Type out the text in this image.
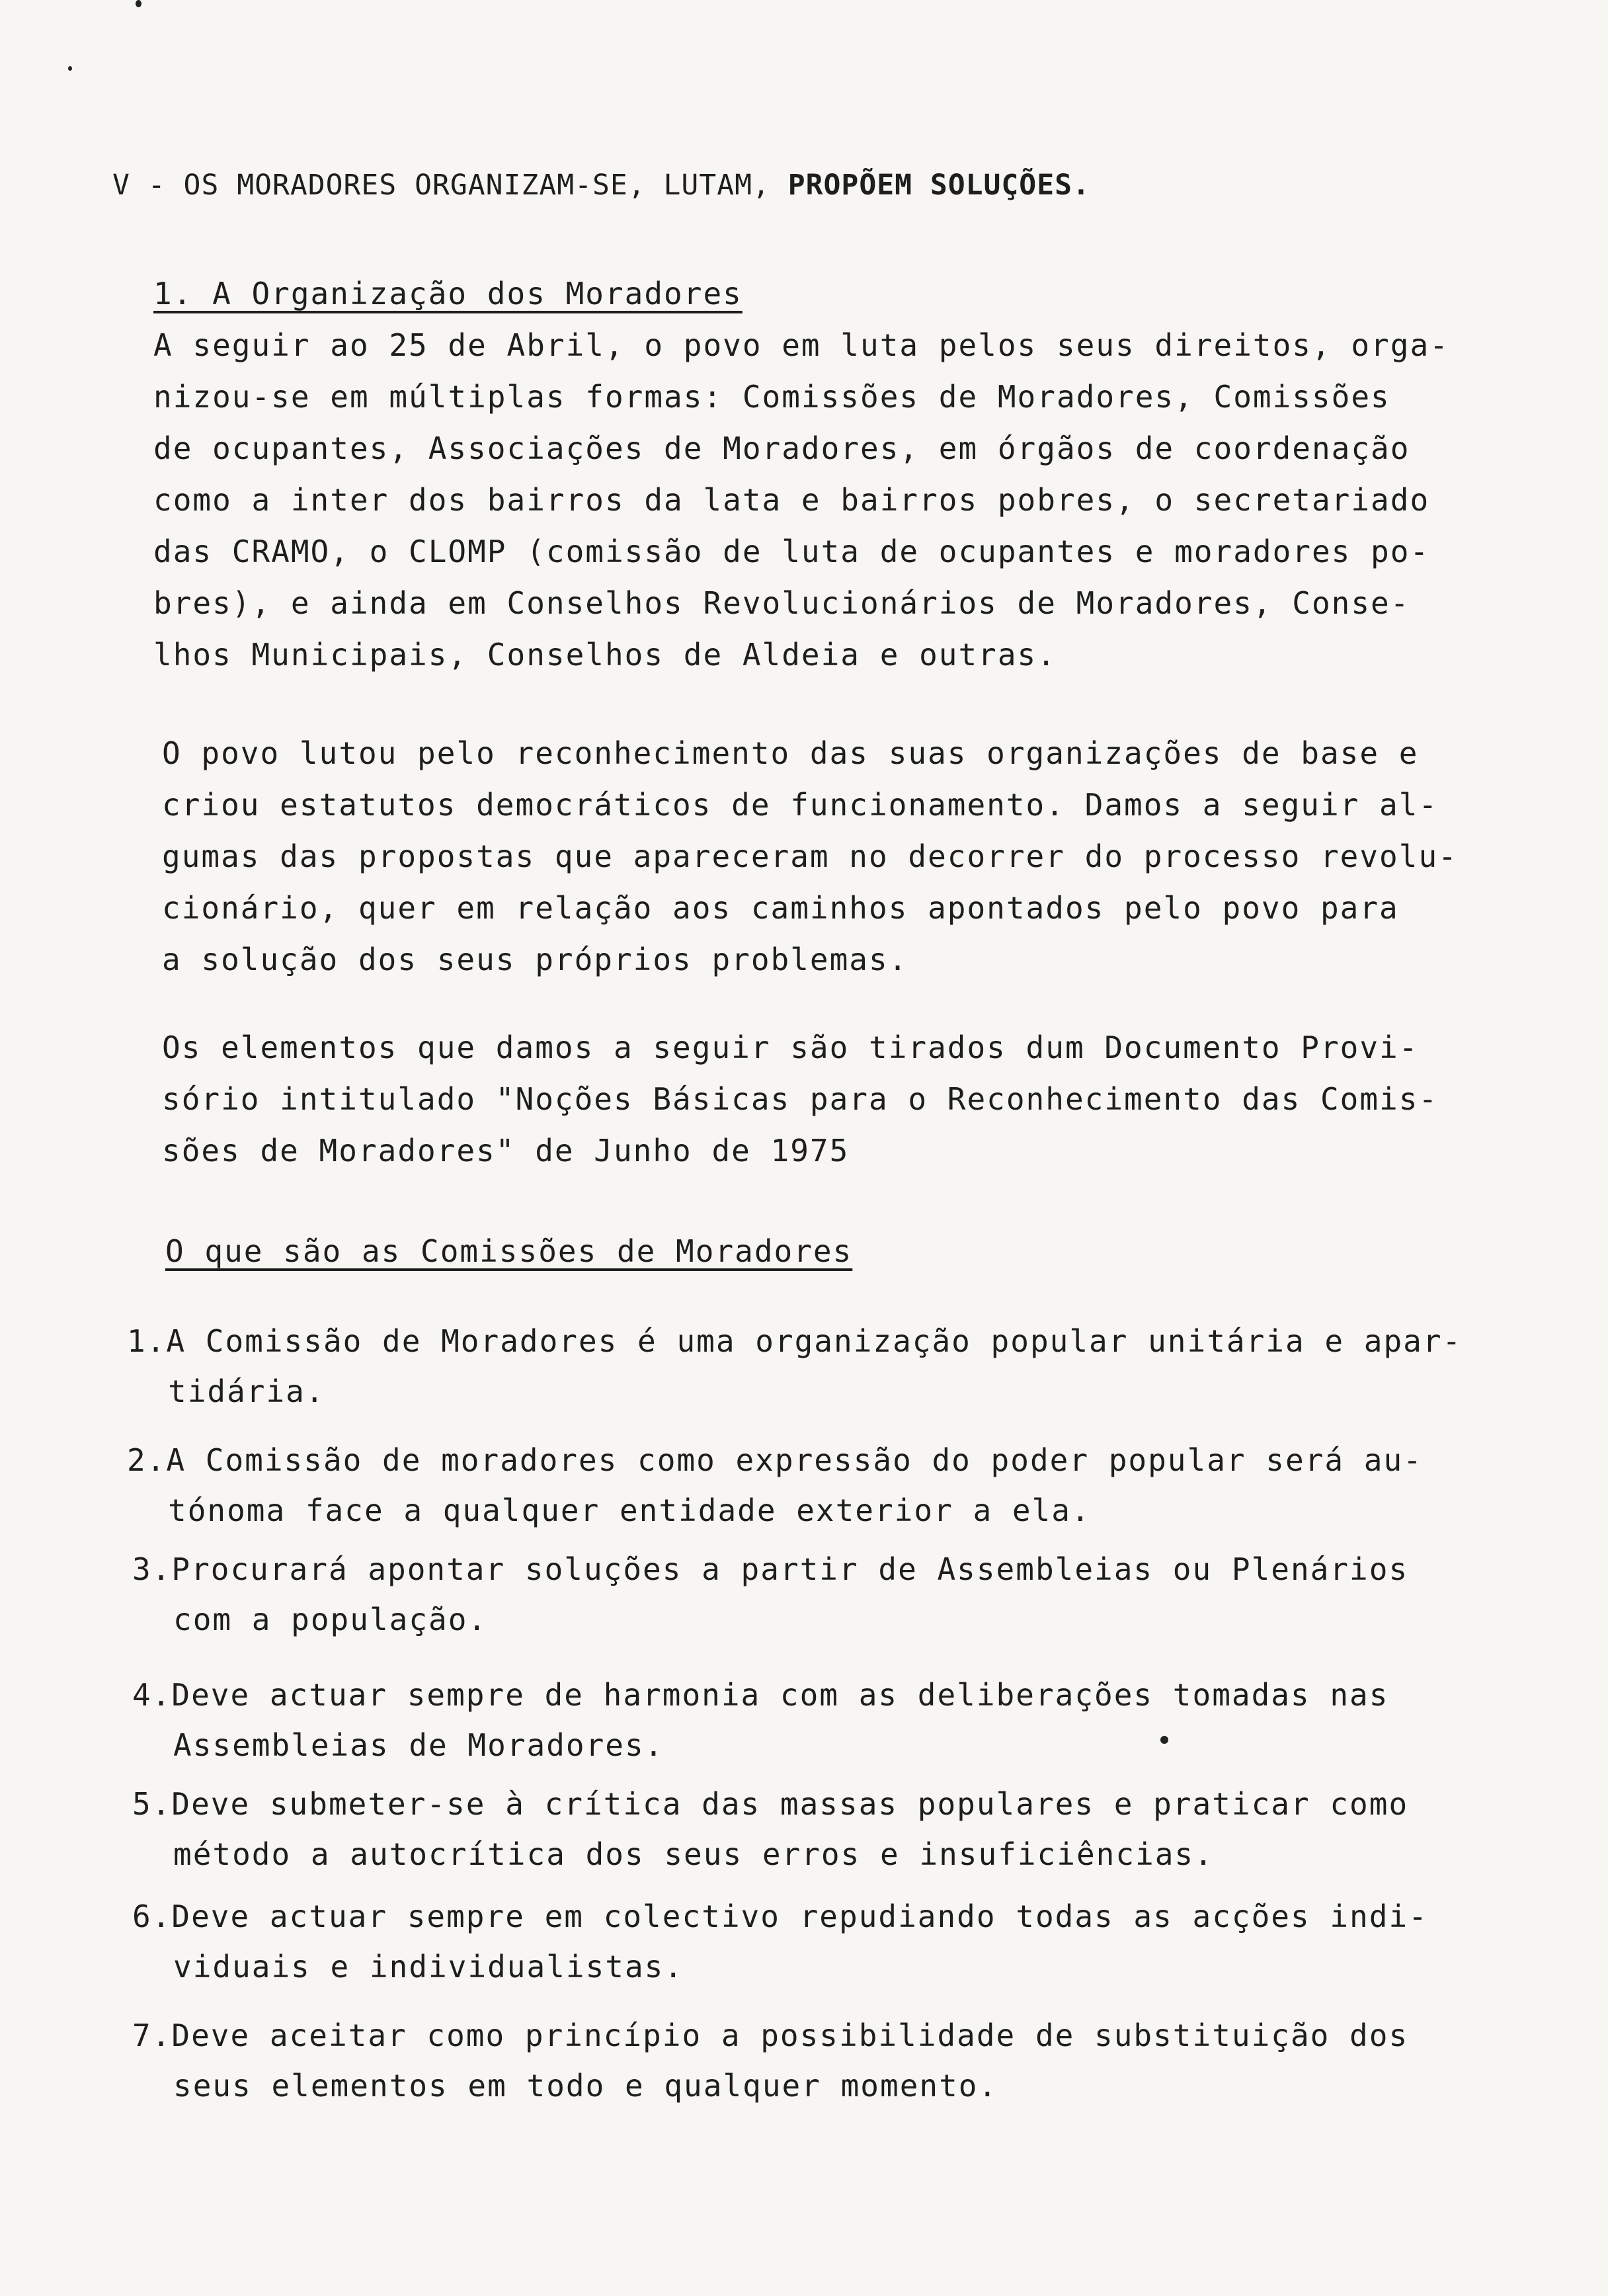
V - OS MORADORES ORGANIZAM-SE, LUTAM, PROPÕEM SOLUÇÕES.
1. A Organização dos Moradores
A seguir ao 25 de Abril, o povo em luta pelos seus direitos, orga-
nizou-se em múltiplas formas: Comissões de Moradores, Comissões
de ocupantes, Associações de Moradores, em órgãos de coordenação
como a inter dos bairros da lata e bairros pobres, o secretariado
das CRAMO, o CLOMP (comissão de luta de ocupantes e moradores po-
bres), e ainda em Conselhos Revolucionários de Moradores, Conse-
lhos Municipais, Conselhos de Aldeia e outras.
O povo lutou pelo reconhecimento das suas organizações de base e
criou estatutos democráticos de funcionamento. Damos a seguir al-
gumas das propostas que apareceram no decorrer do processo revolu-
cionário, quer em relação aos caminhos apontados pelo povo para
a solução dos seus próprios problemas.
Os elementos que damos a seguir são tirados dum Documento Provi-
sório intitulado "Noções Básicas para o Reconhecimento das Comis-
sões de Moradores" de Junho de 1975
O que são as Comissões de Moradores
1.A Comissão de Moradores é uma organização popular unitária e apar-
tidária.
2.A Comissão de moradores como expressão do poder popular será au-
tónoma face a qualquer entidade exterior a ela.
3.Procurará apontar soluções a partir de Assembleias ou Plenários
com a população.
4.Deve actuar sempre de harmonia com as deliberações tomadas nas
Assembleias de Moradores.
5.Deve submeter-se à crítica das massas populares e praticar como
método a autocrítica dos seus erros e insuficiências.
6.Deve actuar sempre em colectivo repudiando todas as acções indi-
viduais e individualistas.
7.Deve aceitar como princípio a possibilidade de substituição dos
seus elementos em todo e qualquer momento.
